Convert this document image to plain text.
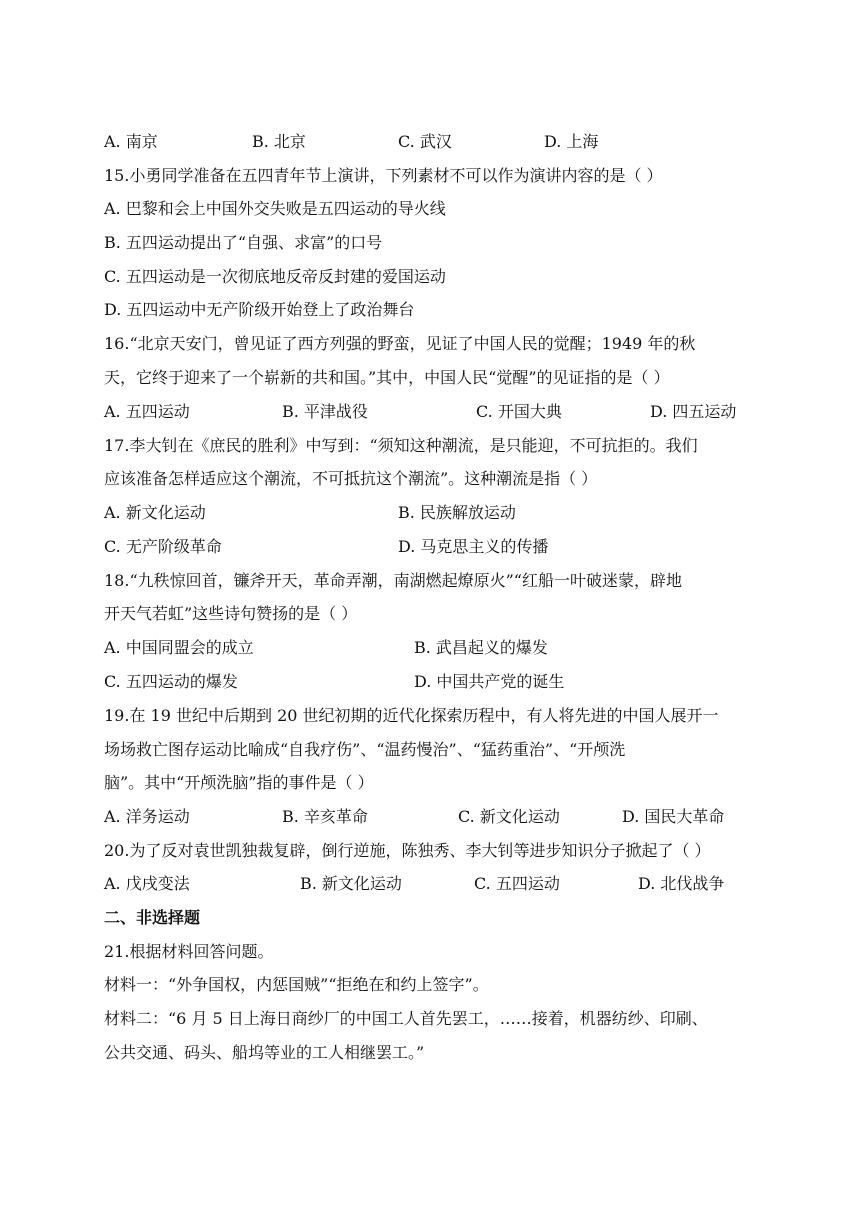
A. 南京	B. 北京	C. 武汉	D. 上海
15.小勇同学准备在五四青年节上演讲，下列素材不可以作为演讲内容的是（ ）
A. 巴黎和会上中国外交失败是五四运动的导火线
B. 五四运动提出了“自强、求富”的口号
C. 五四运动是一次彻底地反帝反封建的爱国运动
D. 五四运动中无产阶级开始登上了政治舞台
16.“北京天安门，曾见证了西方列强的野蛮，见证了中国人民的觉醒；1949 年的秋
天，它终于迎来了一个崭新的共和国。”其中，中国人民“觉醒”的见证指的是（ ）
A. 五四运动	B. 平津战役	C. 开国大典	D. 四五运动
17.李大钊在《庶民的胜利》中写到：“须知这种潮流，是只能迎，不可抗拒的。我们
应该准备怎样适应这个潮流，不可抵抗这个潮流”。这种潮流是指（ ）
A. 新文化运动	B. 民族解放运动
C. 无产阶级革命	D. 马克思主义的传播
18.“九秩惊回首，镰斧开天，革命弄潮，南湖燃起燎原火”“红船一叶破迷蒙，辟地
开天气若虹”这些诗句赞扬的是（ ）
A. 中国同盟会的成立	B. 武昌起义的爆发
C. 五四运动的爆发	D. 中国共产党的诞生
19.在 19 世纪中后期到 20 世纪初期的近代化探索历程中，有人将先进的中国人展开一
场场救亡图存运动比喻成“自我疗伤”、“温药慢治”、“猛药重治”、“开颅洗
脑”。其中“开颅洗脑”指的事件是（ ）
A. 洋务运动	B. 辛亥革命	C. 新文化运动	D. 国民大革命
20.为了反对袁世凯独裁复辟，倒行逆施，陈独秀、李大钊等进步知识分子掀起了（ ）
A. 戊戌变法	B. 新文化运动	C. 五四运动	D. 北伐战争
二、非选择题
21.根据材料回答问题。
材料一：“外争国权，内惩国贼”“拒绝在和约上签字”。
材料二：“6 月 5 日上海日商纱厂的中国工人首先罢工，……接着，机器纺纱、印刷、
公共交通、码头、船坞等业的工人相继罢工。”
